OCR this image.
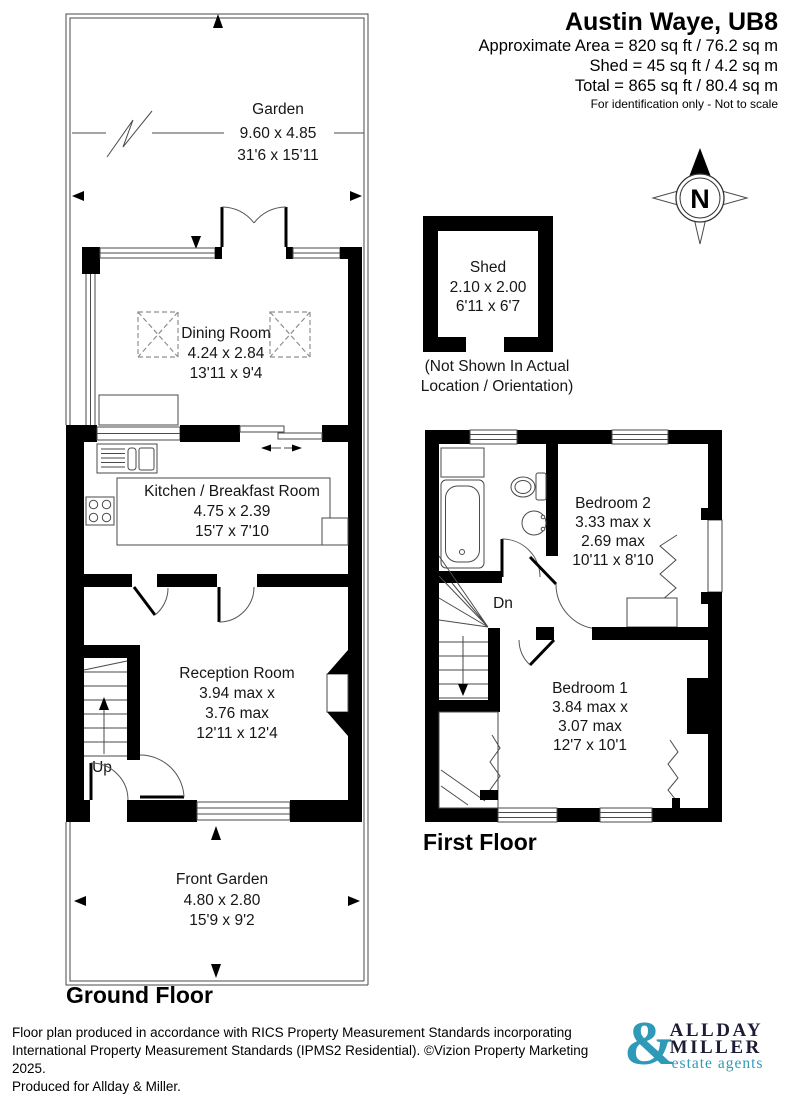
Austin Waye, UB8
Approximate Area = 820 sq ft / 76.2 sq m
Shed = 45 sq ft / 4.2 sq m
Total = 865 sq ft / 80.4 sq m
For identification only - Not to scale
Garden
9.60 x 4.85
31'6 x 15'11
Dining Room
4.24 x 2.84
13'11 x 9'4
Kitchen / Breakfast Room
4.75 x 2.39
15'7 x 7'10
Up
Reception Room
3.94 max x
3.76 max
12'11 x 12'4
Front Garden
4.80 x 2.80
15'9 x 9'2
Ground Floor
Shed
2.10 x 2.00
6'11 x 6'7
(Not Shown In Actual
Location / Orientation)
N
Dn
Bedroom 2
3.33 max x
2.69 max
10'11 x 8'10
Bedroom 1
3.84 max x
3.07 max
12'7 x 10'1
First Floor
Floor plan produced in accordance with RICS Property Measurement Standards incorporating
International Property Measurement Standards (IPMS2 Residential). ©Vizion Property Marketing 2025.
Produced for Allday & Miller.
&
ALLDAY
MILLER
estate agents
